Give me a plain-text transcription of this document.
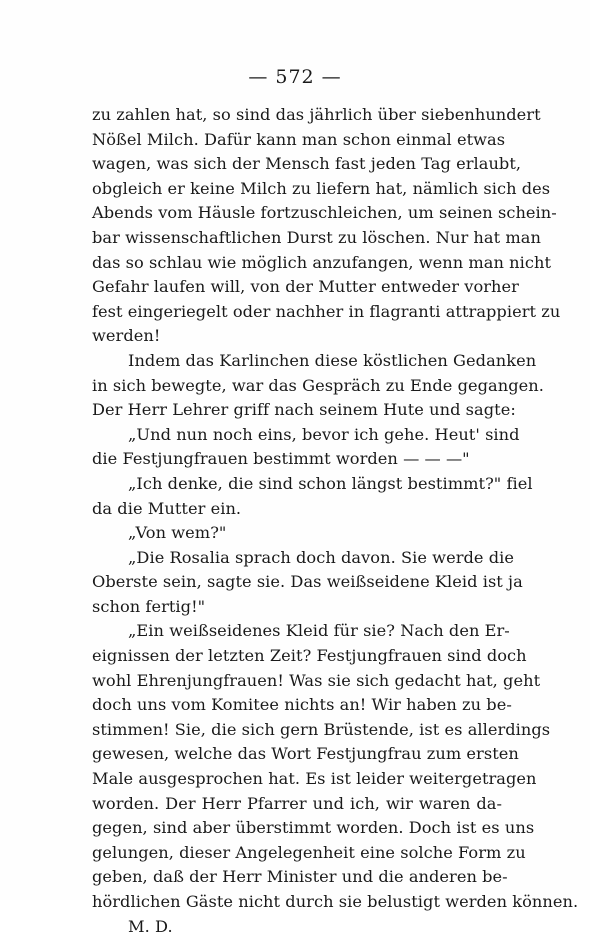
— 572 —
zu zahlen hat, so sind das jährlich über siebenhundert
Nößel Milch. Dafür kann man schon einmal etwas
wagen, was sich der Mensch fast jeden Tag erlaubt,
obgleich er keine Milch zu liefern hat, nämlich sich des
Abends vom Häusle fortzuschleichen, um seinen schein-
bar wissenschaftlichen Durst zu löschen. Nur hat man
das so schlau wie möglich anzufangen, wenn man nicht
Gefahr laufen will, von der Mutter entweder vorher
fest eingeriegelt oder nachher in flagranti attrappiert zu
werden!
Indem das Karlinchen diese köstlichen Gedanken
in sich bewegte, war das Gespräch zu Ende gegangen.
Der Herr Lehrer griff nach seinem Hute und sagte:
„Und nun noch eins, bevor ich gehe. Heut' sind
die Festjungfrauen bestimmt worden — — —"
„Ich denke, die sind schon längst bestimmt?" fiel
da die Mutter ein.
„Von wem?"
„Die Rosalia sprach doch davon. Sie werde die
Oberste sein, sagte sie. Das weißseidene Kleid ist ja
schon fertig!"
„Ein weißseidenes Kleid für sie? Nach den Er-
eignissen der letzten Zeit? Festjungfrauen sind doch
wohl Ehrenjungfrauen! Was sie sich gedacht hat, geht
doch uns vom Komitee nichts an! Wir haben zu be-
stimmen! Sie, die sich gern Brüstende, ist es allerdings
gewesen, welche das Wort Festjungfrau zum ersten
Male ausgesprochen hat. Es ist leider weitergetragen
worden. Der Herr Pfarrer und ich, wir waren da-
gegen, sind aber überstimmt worden. Doch ist es uns
gelungen, dieser Angelegenheit eine solche Form zu
geben, daß der Herr Minister und die anderen be-
hördlichen Gäste nicht durch sie belustigt werden können.
M. D.
